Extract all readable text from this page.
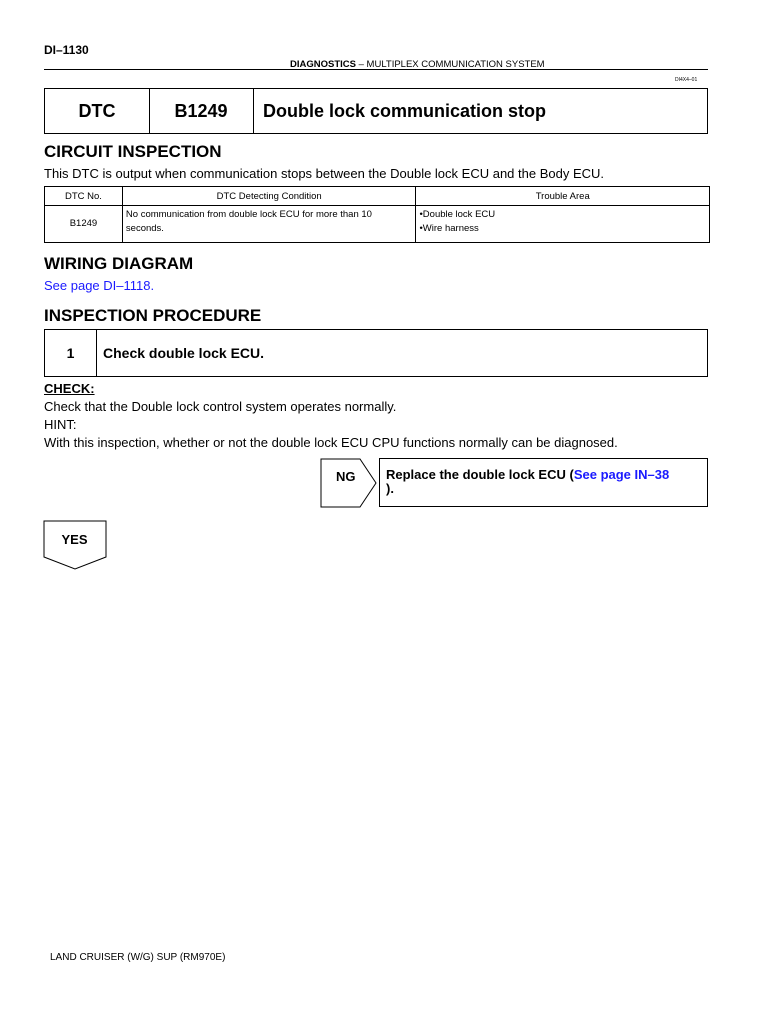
DI–1130
DIAGNOSTICS – MULTIPLEX COMMUNICATION SYSTEM
DI4X4–01
DTC	B1249	Double lock communication stop
CIRCUIT INSPECTION
This DTC is output when communication stops between the Double lock ECU and the Body ECU.
DTC No.	DTC Detecting Condition	Trouble Area
B1249	No communication from double lock ECU for more than 10 seconds.	•Double lock ECU
•Wire harness
WIRING DIAGRAM
See page DI–1118.
INSPECTION PROCEDURE
1	Check double lock ECU.
CHECK:
Check that the Double lock control system operates normally.
HINT:
With this inspection, whether or not the double lock ECU CPU functions normally can be diagnosed.
NG	Replace the double lock ECU (See page IN–38
).
YES
LAND CRUISER (W/G) SUP (RM970E)
